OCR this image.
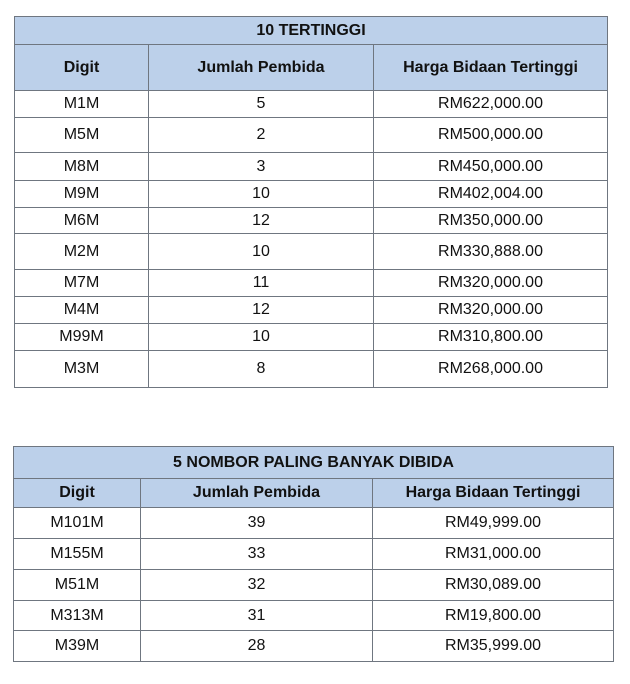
10 TERTINGGI		
Digit	Jumlah Pembida	Harga Bidaan Tertinggi
M1M	5	RM622,000.00
M5M	2	RM500,000.00
M8M	3	RM450,000.00
M9M	10	RM402,004.00
M6M	12	RM350,000.00
M2M	10	RM330,888.00
M7M	11	RM320,000.00
M4M	12	RM320,000.00
M99M	10	RM310,800.00
M3M	8	RM268,000.00
5 NOMBOR PALING BANYAK DIBIDA		
Digit	Jumlah Pembida	Harga Bidaan Tertinggi
M101M	39	RM49,999.00
M155M	33	RM31,000.00
M51M	32	RM30,089.00
M313M	31	RM19,800.00
M39M	28	RM35,999.00
